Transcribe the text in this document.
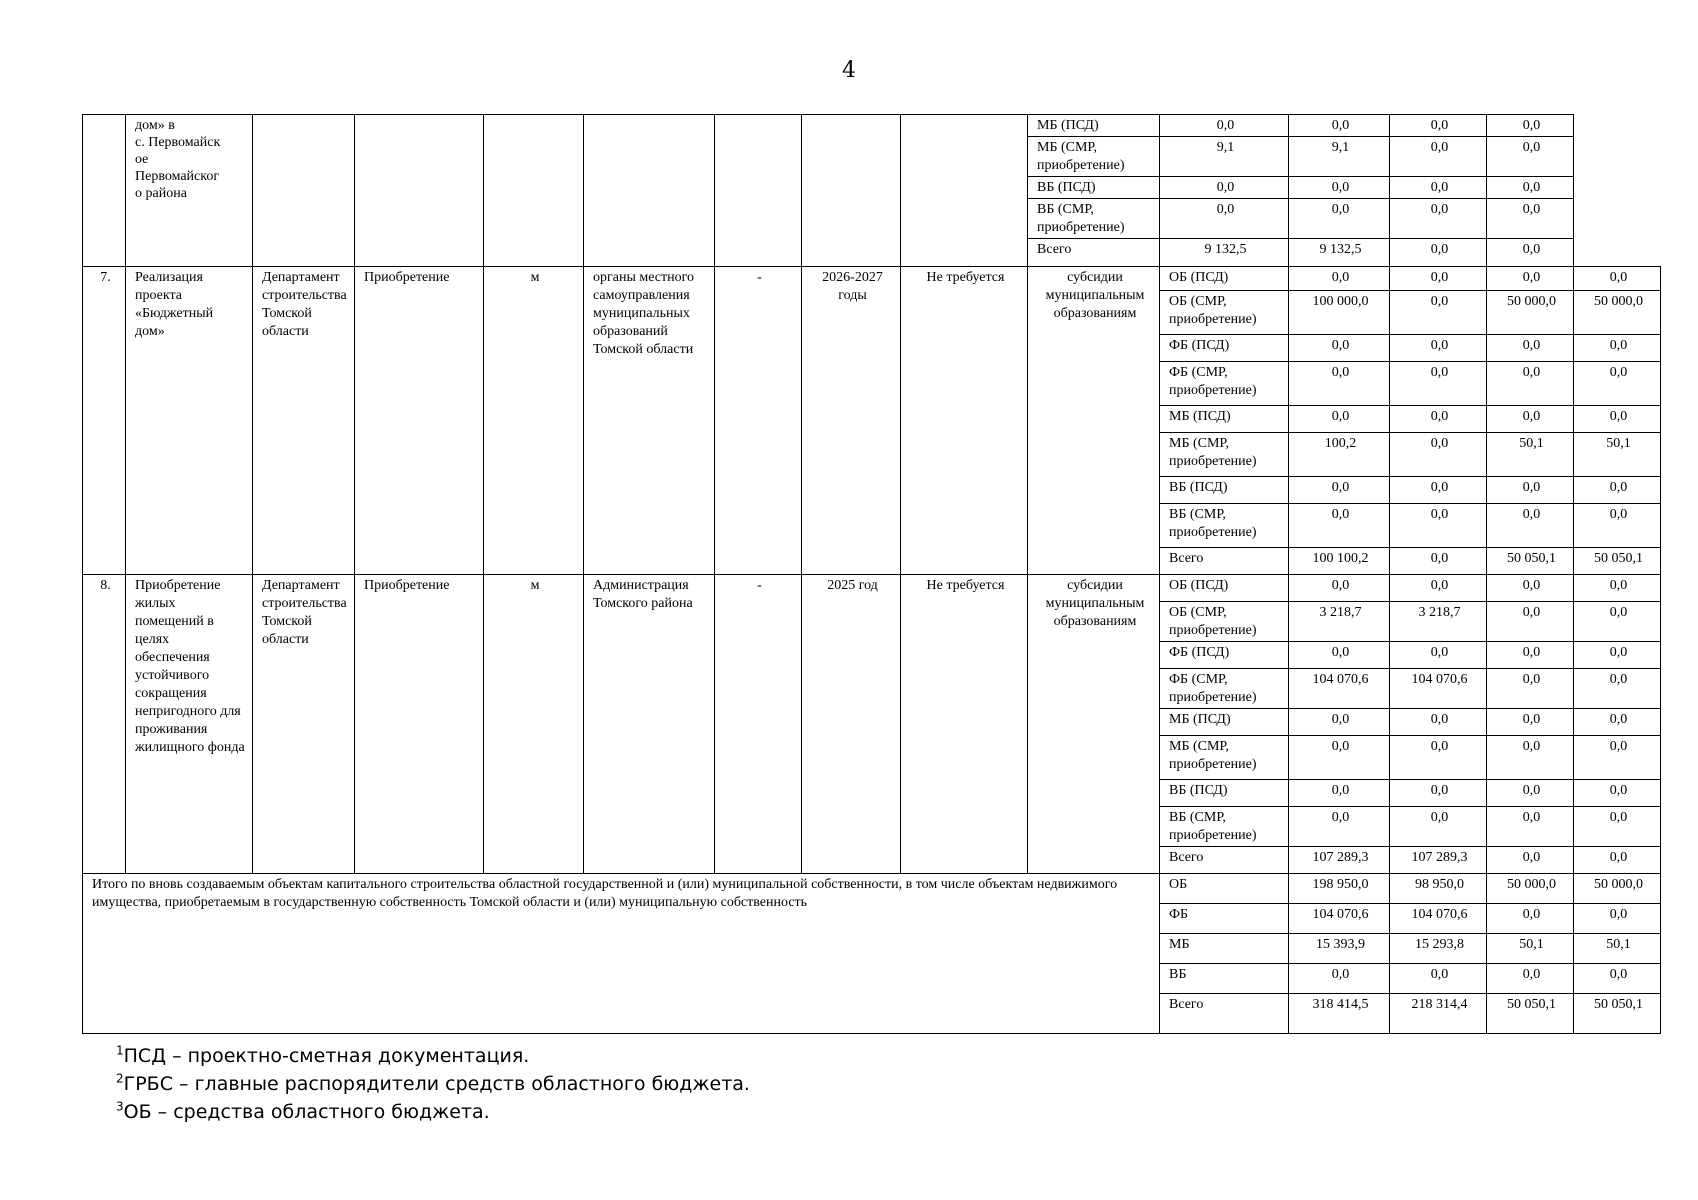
4
	дом» в
с. Первомайск
ое
Первомайског
о района								МБ (ПСД)	0,0	0,0	0,0	0,0	
									МБ (СМР, приобретение)	9,1	9,1	0,0	0,0	
									ВБ (ПСД)	0,0	0,0	0,0	0,0	
									ВБ (СМР, приобретение)	0,0	0,0	0,0	0,0	
									Всего	9 132,5	9 132,5	0,0	0,0	
7.	Реализация проекта «Бюджетный дом»	Департамент строительства Томской области	Приобретение	м	органы местного самоуправления муниципальных образований Томской области	-	2026-2027 годы	Не требуется	субсидии муниципальным образованиям	ОБ (ПСД)	0,0	0,0	0,0	0,0
										ОБ (СМР, приобретение)	100 000,0	0,0	50 000,0	50 000,0
										ФБ (ПСД)	0,0	0,0	0,0	0,0
										ФБ (СМР, приобретение)	0,0	0,0	0,0	0,0
										МБ (ПСД)	0,0	0,0	0,0	0,0
										МБ (СМР, приобретение)	100,2	0,0	50,1	50,1
										ВБ (ПСД)	0,0	0,0	0,0	0,0
										ВБ (СМР, приобретение)	0,0	0,0	0,0	0,0
										Всего	100 100,2	0,0	50 050,1	50 050,1
8.	Приобретение жилых помещений в целях обеспечения устойчивого сокращения непригодного для проживания жилищного фонда	Департамент строительства Томской области	Приобретение	м	Администрация Томского района	-	2025 год	Не требуется	субсидии муниципальным образованиям	ОБ (ПСД)	0,0	0,0	0,0	0,0
										ОБ (СМР, приобретение)	3 218,7	3 218,7	0,0	0,0
										ФБ (ПСД)	0,0	0,0	0,0	0,0
										ФБ (СМР, приобретение)	104 070,6	104 070,6	0,0	0,0
										МБ (ПСД)	0,0	0,0	0,0	0,0
										МБ (СМР, приобретение)	0,0	0,0	0,0	0,0
										ВБ (ПСД)	0,0	0,0	0,0	0,0
										ВБ (СМР, приобретение)	0,0	0,0	0,0	0,0
										Всего	107 289,3	107 289,3	0,0	0,0
Итого по вновь создаваемым объектам капитального строительства областной государственной и (или) муниципальной собственности, в том числе объектам недвижимого имущества, приобретаемым в государственную собственность Томской области и (или) муниципальную собственность										ОБ	198 950,0	98 950,0	50 000,0	50 000,0
										ФБ	104 070,6	104 070,6	0,0	0,0
										МБ	15 393,9	15 293,8	50,1	50,1
										ВБ	0,0	0,0	0,0	0,0
										Всего	318 414,5	218 314,4	50 050,1	50 050,1
$^1$ПСД – проектно-сметная документация.
$^2$ГРБС – главные распорядители средств областного бюджета.
$^3$ОБ – средства областного бюджета.
